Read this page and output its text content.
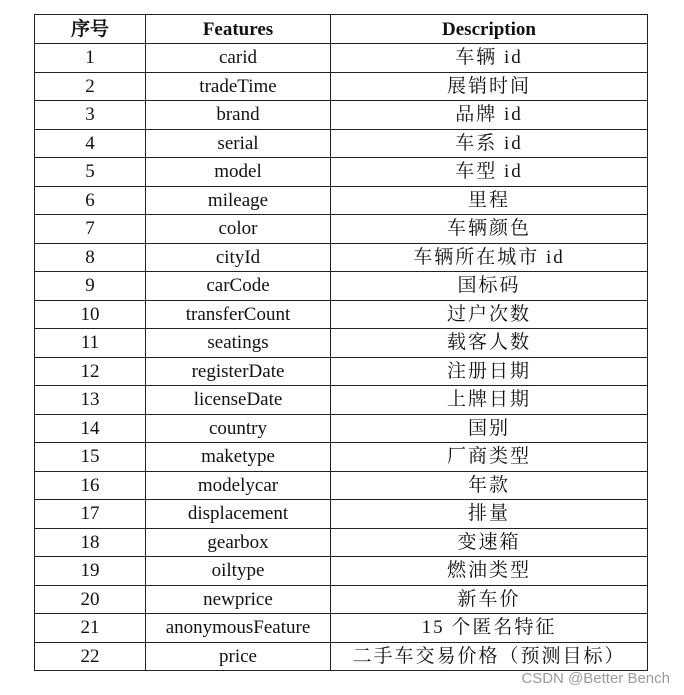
序号	Features	Description
1	carid	车辆 id
2	tradeTime	展销时间
3	brand	品牌 id
4	serial	车系 id
5	model	车型 id
6	mileage	里程
7	color	车辆颜色
8	cityId	车辆所在城市 id
9	carCode	国标码
10	transferCount	过户次数
11	seatings	载客人数
12	registerDate	注册日期
13	licenseDate	上牌日期
14	country	国别
15	maketype	厂商类型
16	modelycar	年款
17	displacement	排量
18	gearbox	变速箱
19	oiltype	燃油类型
20	newprice	新车价
21	anonymousFeature	15 个匿名特征
22	price	二手车交易价格（预测目标）
CSDN @Better Bench
